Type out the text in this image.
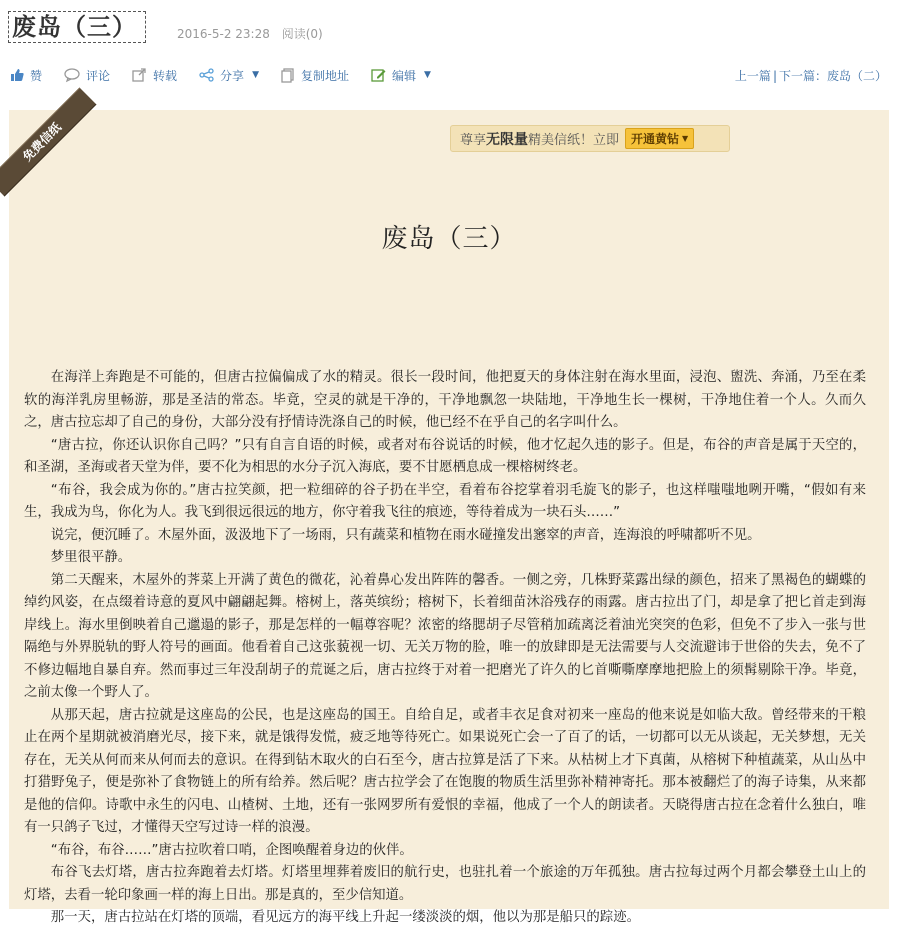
废岛（三）	2016-5-2 23:28 阅读(0)
赞	评论	转载	分享 ▼	复制地址	编辑 ▼	上一篇 | 下一篇：废岛（二）
免费信纸	尊享 无限量 精美信纸！立即 开通黄钻 ▼
废岛（三）

在海洋上奔跑是不可能的，但唐古拉偏偏成了水的精灵。很长一段时间，他把夏天的身体注射在海水里面，浸泡、盥洗、奔涌，乃至在柔软的海洋乳房里畅游，那是圣洁的常态。毕竟，空灵的就是干净的，干净地飘忽一块陆地，干净地生长一棵树，干净地住着一个人。久而久之，唐古拉忘却了自己的身份，大部分没有抒情诗洗涤自己的时候，他已经不在乎自己的名字叫什么。

“唐古拉，你还认识你自己吗？”只有自言自语的时候，或者对布谷说话的时候，他才忆起久违的影子。但是，布谷的声音是属于天空的，和圣湖，圣海或者天堂为伴，要不化为相思的水分子沉入海底，要不甘愿栖息成一棵榕树终老。

“布谷，我会成为你的。”唐古拉笑颜，把一粒细碎的谷子扔在半空，看着布谷挖掌着羽毛旋飞的影子，也这样嗤嗤地咧开嘴，“假如有来生，我成为鸟，你化为人。我飞到很远很远的地方，你守着我飞往的痕迹，等待着成为一块石头……”

说完，便沉睡了。木屋外面，汲汲地下了一场雨，只有蔬菜和植物在雨水碰撞发出窸窣的声音，连海浪的呼啸都听不见。

梦里很平静。

第二天醒来，木屋外的荠菜上开满了黄色的微花，沁着鼻心发出阵阵的馨香。一侧之旁，几株野菜露出绿的颜色，招来了黑褐色的蝴蝶的绰约风姿，在点缀着诗意的夏风中翩翩起舞。榕树上，落英缤纷；榕树下，长着细苗沐浴残存的雨露。唐古拉出了门，却是拿了把匕首走到海岸线上。海水里倒映着自己邋遢的影子，那是怎样的一幅尊容呢？浓密的络腮胡子尽管稍加疏离泛着油光突突的色彩，但免不了步入一张与世隔绝与外界脱轨的野人符号的画面。他看着自己这张藐视一切、无关万物的脸，唯一的放肆即是无法需要与人交流避讳于世俗的失去，免不了不修边幅地自暴自弃。然而事过三年没刮胡子的荒诞之后，唐古拉终于对着一把磨光了许久的匕首嘶嘶摩摩地把脸上的须髯剔除干净。毕竟，之前太像一个野人了。

从那天起，唐古拉就是这座岛的公民，也是这座岛的国王。自给自足，或者丰衣足食对初来一座岛的他来说是如临大敌。曾经带来的干粮止在两个星期就被消磨光尽，接下来，就是饿得发慌，疲乏地等待死亡。如果说死亡会一了百了的话，一切都可以无从谈起，无关梦想，无关存在，无关从何而来从何而去的意识。在得到钻木取火的白石至今，唐古拉算是活了下来。从枯树上才下真菌，从榕树下种植蔬菜，从山丛中打猎野兔子，便是弥补了食物链上的所有给养。然后呢？唐古拉学会了在饱腹的物质生活里弥补精神寄托。那本被翻烂了的海子诗集，从来都是他的信仰。诗歌中永生的闪电、山楂树、土地，还有一张网罗所有爱恨的幸福，他成了一个人的朗读者。天晓得唐古拉在念着什么独白，唯有一只鸽子飞过，才懂得天空写过诗一样的浪漫。

“布谷，布谷……”唐古拉吹着口哨，企图唤醒着身边的伙伴。

布谷飞去灯塔，唐古拉奔跑着去灯塔。灯塔里埋葬着废旧的航行史，也驻扎着一个旅途的万年孤独。唐古拉每过两个月都会攀登土山上的灯塔，去看一轮印象画一样的海上日出。那是真的，至少信知道。

那一天，唐古拉站在灯塔的顶端，看见远方的海平线上升起一缕淡淡的烟，他以为那是船只的踪迹。
